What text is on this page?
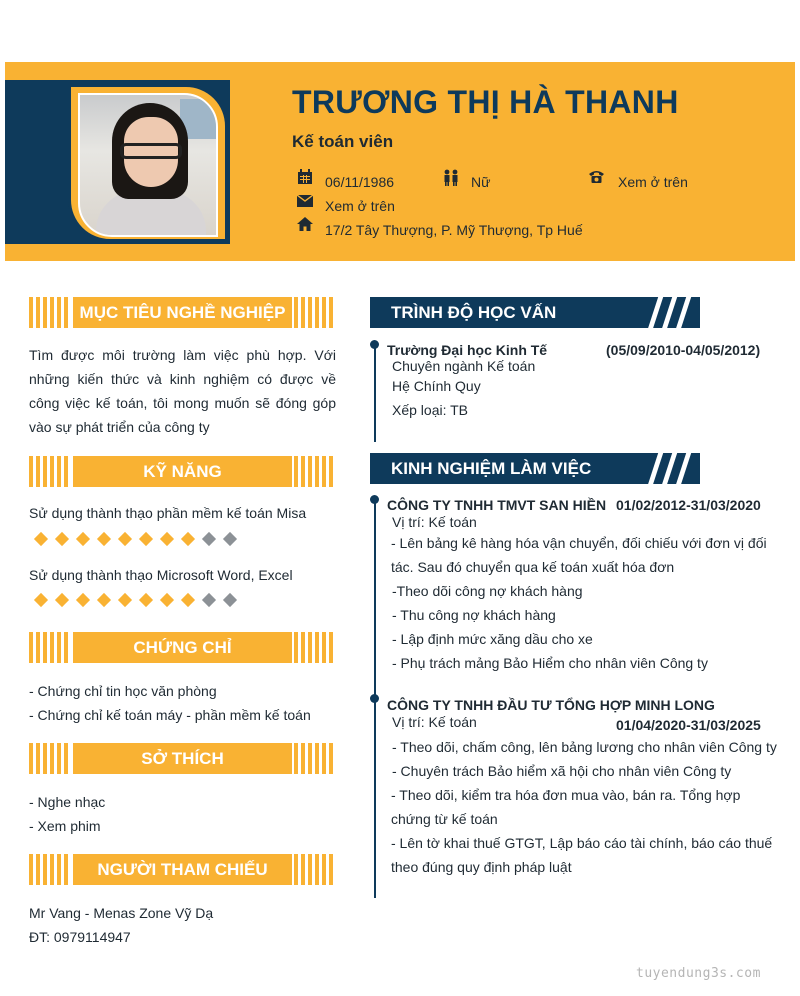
TRƯƠNG THỊ HÀ THANH
Kế toán viên
06/11/1986	Nữ	Xem ở trên
Xem ở trên
17/2 Tây Thượng, P. Mỹ Thượng, Tp Huế
MỤC TIÊU NGHỀ NGHIỆP
Tìm được môi trường làm việc phù hợp. Với những kiến thức và kinh nghiệm có được về công việc kế toán, tôi mong muốn sẽ đóng góp vào sự phát triển của công ty
KỸ NĂNG
Sử dụng thành thạo phần mềm kế toán Misa
Sử dụng thành thạo Microsoft Word, Excel
CHỨNG CHỈ
- Chứng chỉ tin học văn phòng
- Chứng chỉ kế toán máy - phần mềm kế toán
SỞ THÍCH
- Nghe nhạc
- Xem phim
NGƯỜI THAM CHIẾU
Mr Vang - Menas Zone Vỹ Dạ
ĐT: 0979114947
TRÌNH ĐỘ HỌC VẤN
Trường Đại học Kinh Tế	(05/09/2010-04/05/2012)
Chuyên ngành Kế toán
Hệ Chính Quy
Xếp loại: TB
KINH NGHIỆM LÀM VIỆC
CÔNG TY TNHH TMVT SAN HIỀN 01/02/2012-31/03/2020
Vị trí: Kế toán
- Lên bảng kê hàng hóa vận chuyển, đối chiếu với đơn vị đối tác. Sau đó chuyển qua kế toán xuất hóa đơn
-Theo dõi công nợ khách hàng
- Thu công nợ khách hàng
- Lập định mức xăng dầu cho xe
- Phụ trách mảng Bảo Hiểm cho nhân viên Công ty
CÔNG TY TNHH ĐẦU TƯ TỔNG HỢP MINH LONG
Vị trí: Kế toán	01/04/2020-31/03/2025
- Theo dõi, chấm công, lên bảng lương cho nhân viên Công ty
- Chuyên trách Bảo hiểm xã hội cho nhân viên Công ty
- Theo dõi, kiểm tra hóa đơn mua vào, bán ra. Tổng hợp chứng từ kế toán
- Lên tờ khai thuế GTGT, Lập báo cáo tài chính, báo cáo thuế theo đúng quy định pháp luật
tuyendung3s.com
